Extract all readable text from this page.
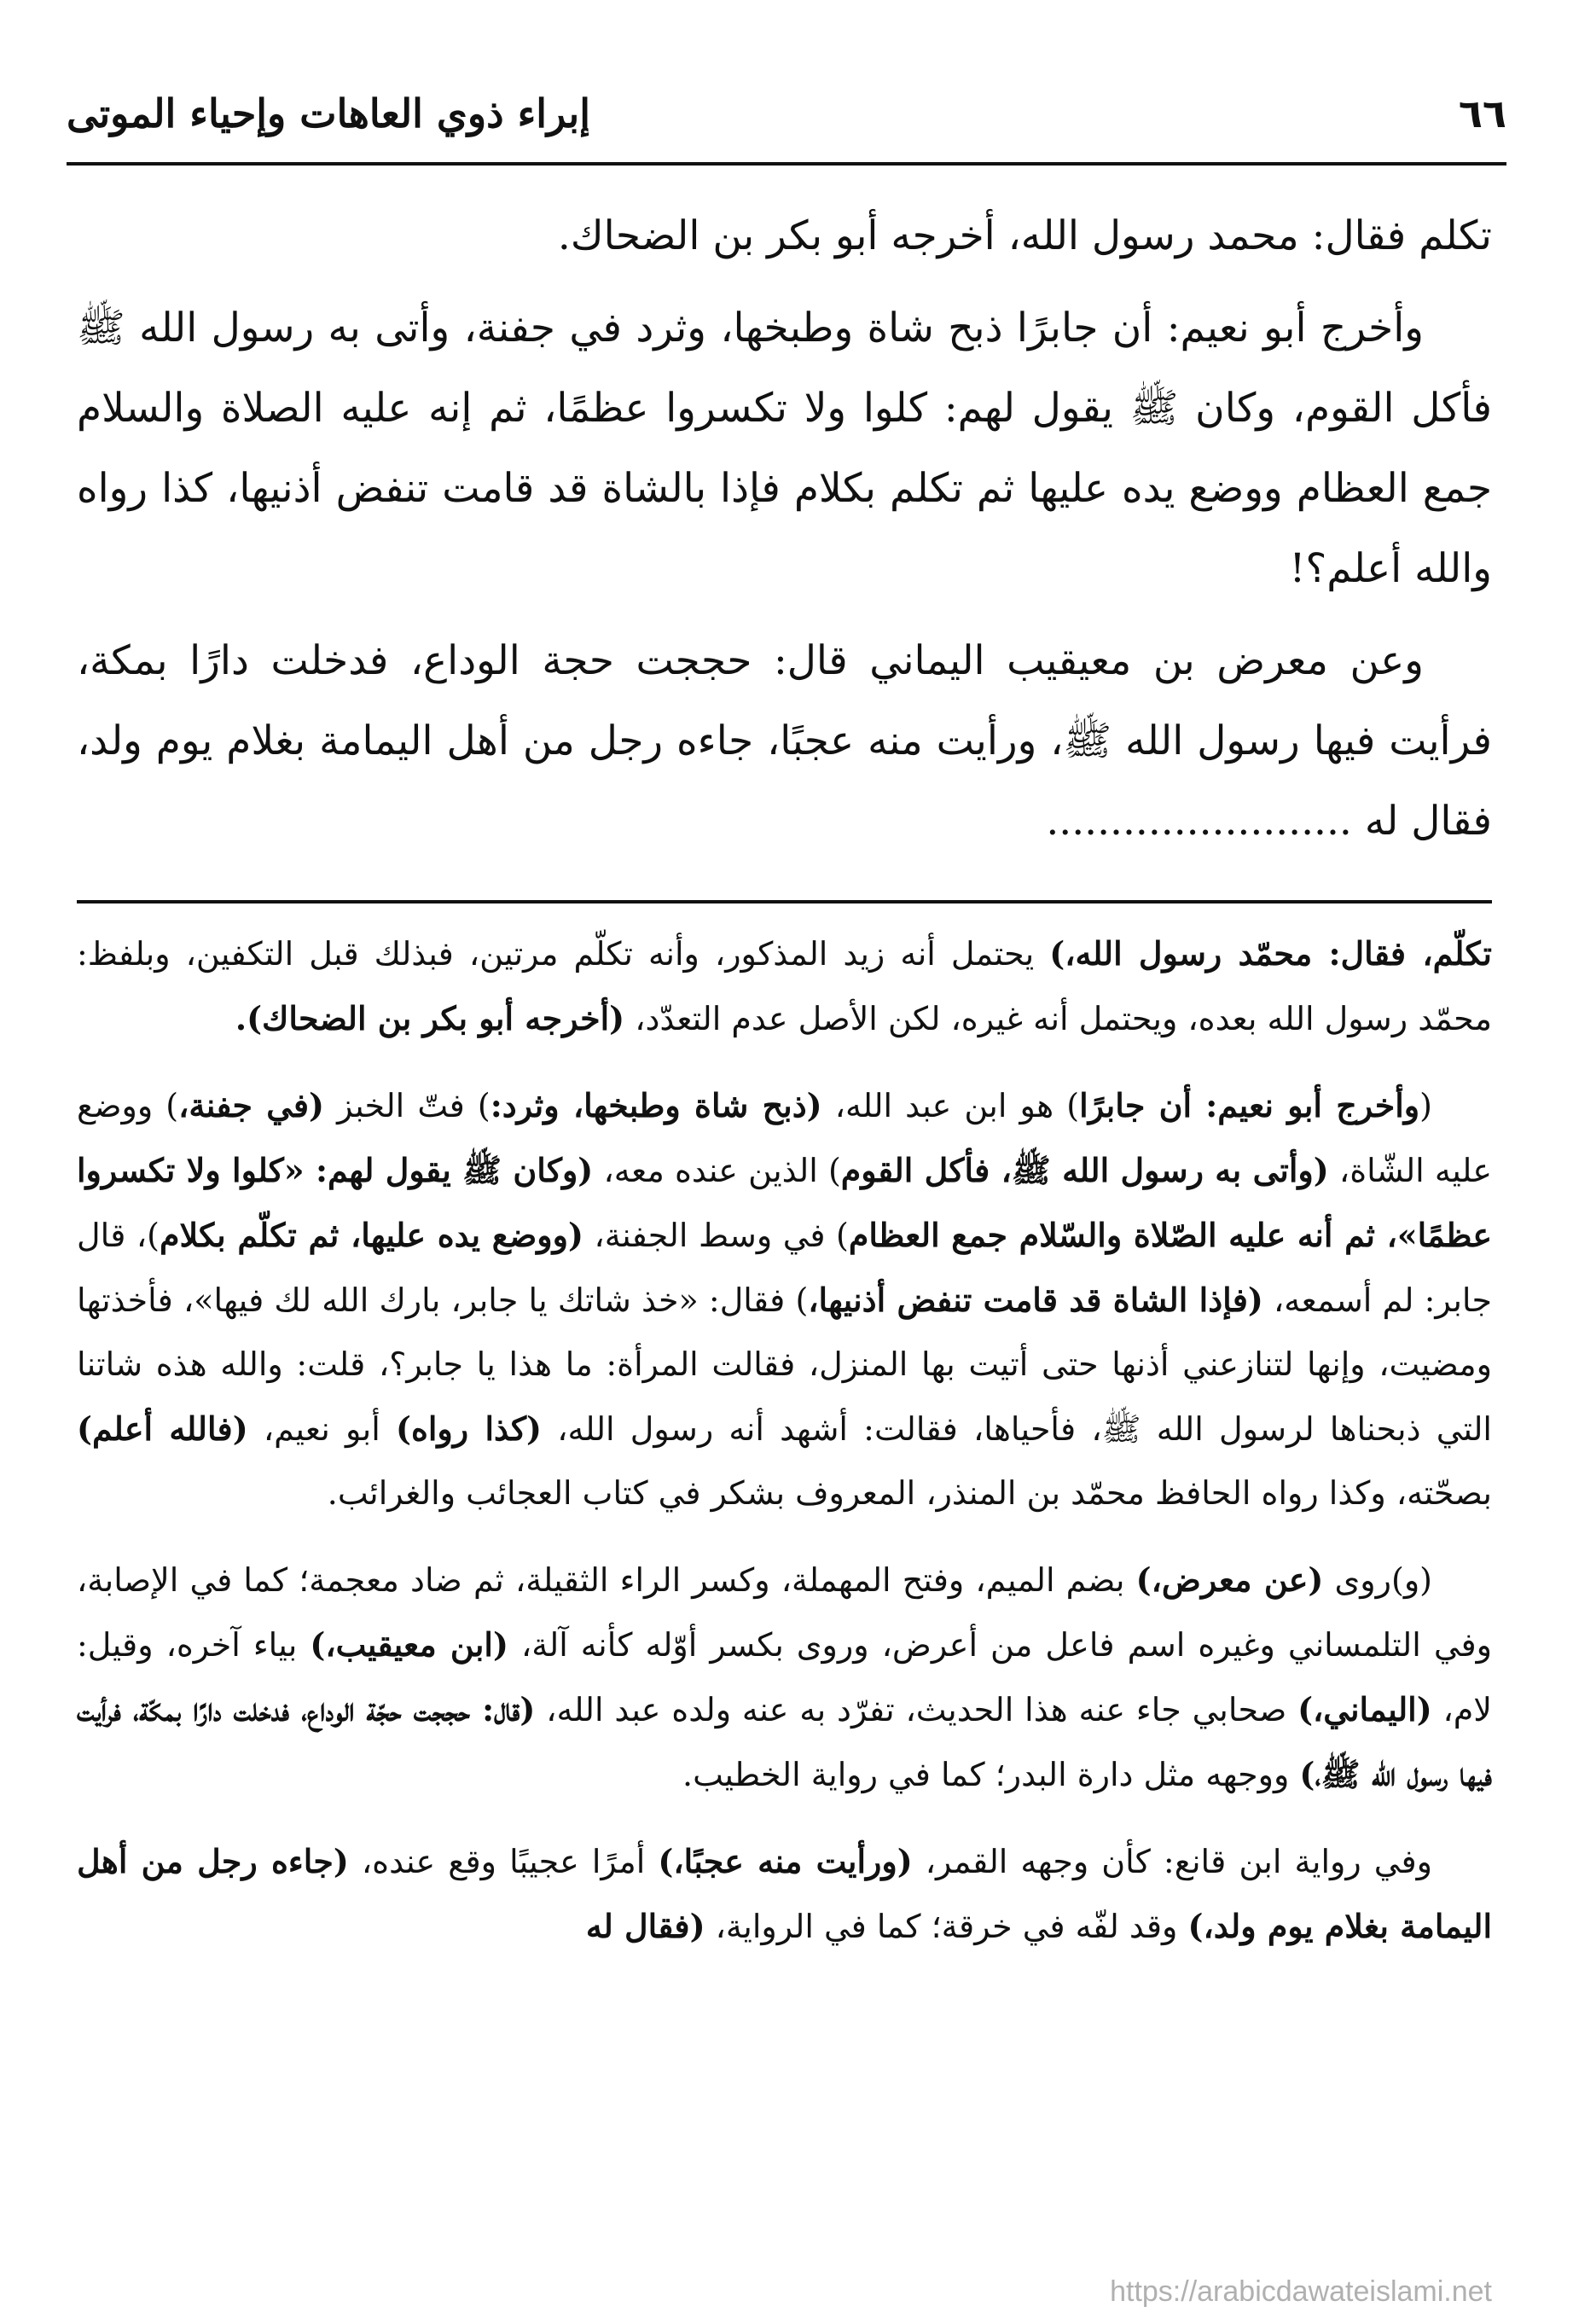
٦٦
إبراء ذوي العاهات وإحياء الموتى

تكلم فقال: محمد رسول الله، أخرجه أبو بكر بن الضحاك.

وأخرج أبو نعيم: أن جابرًا ذبح شاة وطبخها، وثرد في جفنة، وأتى به رسول الله ﷺ فأكل القوم، وكان ﷺ يقول لهم: كلوا ولا تكسروا عظمًا، ثم إنه عليه الصلاة والسلام جمع العظام ووضع يده عليها ثم تكلم بكلام فإذا بالشاة قد قامت تنفض أذنيها، كذا رواه والله أعلم؟!

وعن معرض بن معيقيب اليماني قال: حججت حجة الوداع، فدخلت دارًا بمكة، فرأيت فيها رسول الله ﷺ، ورأيت منه عجبًا، جاءه رجل من أهل اليمامة بغلام يوم ولد، فقال له ........................

تكلّم، فقال: محمّد رسول الله،) يحتمل أنه زيد المذكور، وأنه تكلّم مرتين، فبذلك قبل التكفين، وبلفظ: محمّد رسول الله بعده، ويحتمل أنه غيره، لكن الأصل عدم التعدّد، (أخرجه أبو بكر بن الضحاك).

(وأخرج أبو نعيم: أن جابرًا) هو ابن عبد الله، (ذبح شاة وطبخها، وثرد:) فتّ الخبز (في جفنة،) ووضع عليه الشّاة، (وأتى به رسول الله ﷺ، فأكل القوم) الذين عنده معه، (وكان ﷺ يقول لهم: «كلوا ولا تكسروا عظمًا»، ثم أنه عليه الصّلاة والسّلام جمع العظام) في وسط الجفنة، (ووضع يده عليها، ثم تكلّم بكلام)، قال جابر: لم أسمعه، (فإذا الشاة قد قامت تنفض أذنيها،) فقال: «خذ شاتك يا جابر، بارك الله لك فيها»، فأخذتها ومضيت، وإنها لتنازعني أذنها حتى أتيت بها المنزل، فقالت المرأة: ما هذا يا جابر؟، قلت: والله هذه شاتنا التي ذبحناها لرسول الله ﷺ، فأحياها، فقالت: أشهد أنه رسول الله، (كذا رواه) أبو نعيم، (فالله أعلم) بصحّته، وكذا رواه الحافظ محمّد بن المنذر، المعروف بشكر في كتاب العجائب والغرائب.

(و)روى (عن معرض،) بضم الميم، وفتح المهملة، وكسر الراء الثقيلة، ثم ضاد معجمة؛ كما في الإصابة، وفي التلمساني وغيره اسم فاعل من أعرض، وروى بكسر أوّله كأنه آلة، (ابن معيقيب،) بياء آخره، وقيل: لام، (اليماني،) صحابي جاء عنه هذا الحديث، تفرّد به عنه ولده عبد الله، (قال: حججت حجّة الوداع، فدخلت دارًا بمكّة، فرأيت فيها رسول الله ﷺ،) ووجهه مثل دارة البدر؛ كما في رواية الخطيب.

وفي رواية ابن قانع: كأن وجهه القمر، (ورأيت منه عجبًا،) أمرًا عجيبًا وقع عنده، (جاءه رجل من أهل اليمامة بغلام يوم ولد،) وقد لفّه في خرقة؛ كما في الرواية، (فقال له

https://arabicdawateislami.net
